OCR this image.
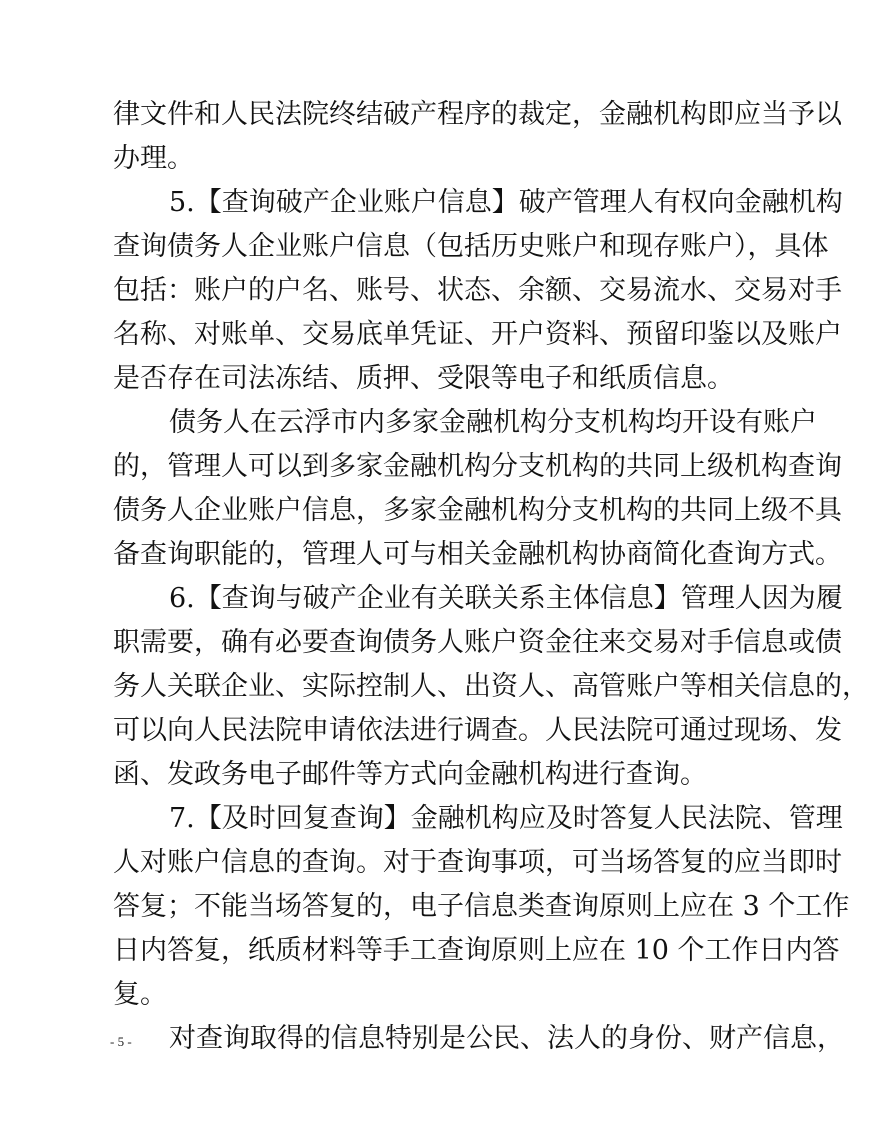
律文件和人民法院终结破产程序的裁定，金融机构即应当予以
办理。
5.【查询破产企业账户信息】破产管理人有权向金融机构
查询债务人企业账户信息（包括历史账户和现存账户），具体
包括：账户的户名、账号、状态、余额、交易流水、交易对手
名称、对账单、交易底单凭证、开户资料、预留印鉴以及账户
是否存在司法冻结、质押、受限等电子和纸质信息。
债务人在云浮市内多家金融机构分支机构均开设有账户
的，管理人可以到多家金融机构分支机构的共同上级机构查询
债务人企业账户信息，多家金融机构分支机构的共同上级不具
备查询职能的，管理人可与相关金融机构协商简化查询方式。
6.【查询与破产企业有关联关系主体信息】管理人因为履
职需要，确有必要查询债务人账户资金往来交易对手信息或债
务人关联企业、实际控制人、出资人、高管账户等相关信息的，
可以向人民法院申请依法进行调查。人民法院可通过现场、发
函、发政务电子邮件等方式向金融机构进行查询。
7.【及时回复查询】金融机构应及时答复人民法院、管理
人对账户信息的查询。对于查询事项，可当场答复的应当即时
答复；不能当场答复的，电子信息类查询原则上应在 3 个工作
日内答复，纸质材料等手工查询原则上应在 10 个工作日内答
复。
对查询取得的信息特别是公民、法人的身份、财产信息，
- 5 -
